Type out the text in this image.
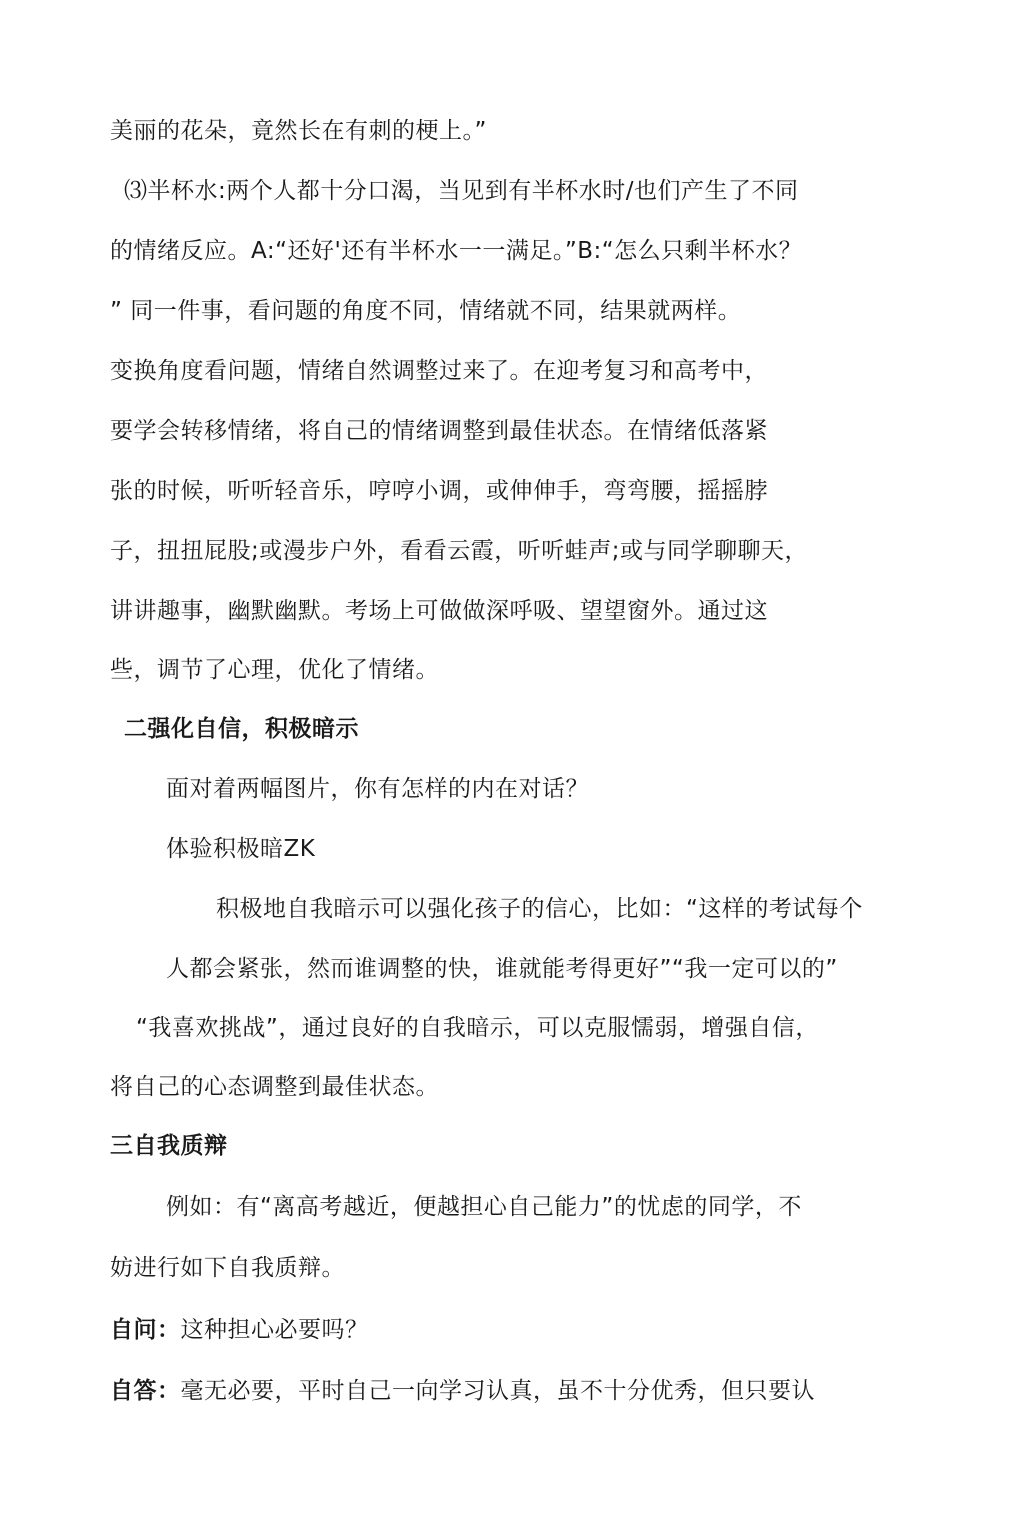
美丽的花朵，竟然长在有刺的梗上。”
⑶半杯水:两个人都十分口渴，当见到有半杯水时/也们产生了不同
的情绪反应。A:“还好'还有半杯水一一满足。”B:“怎么只剩半杯水？
” 同一件事，看问题的角度不同，情绪就不同，结果就两样。
变换角度看问题，情绪自然调整过来了。在迎考复习和高考中，
要学会转移情绪，将自己的情绪调整到最佳状态。在情绪低落紧
张的时候，听听轻音乐，哼哼小调，或伸伸手，弯弯腰，摇摇脖
子，扭扭屁股;或漫步户外，看看云霞，听听蛙声;或与同学聊聊天，
讲讲趣事，幽默幽默。考场上可做做深呼吸、望望窗外。通过这
些，调节了心理，优化了情绪。
二强化自信，积极暗示
面对着两幅图片，你有怎样的内在对话？
体验积极暗ZK
积极地自我暗示可以强化孩子的信心，比如：“这样的考试每个
人都会紧张，然而谁调整的快，谁就能考得更好”“我一定可以的”
“我喜欢挑战”，通过良好的自我暗示，可以克服懦弱，增强自信，
将自己的心态调整到最佳状态。
三自我质辩
例如：有“离高考越近，便越担心自己能力”的忧虑的同学，不
妨进行如下自我质辩。
自问：这种担心必要吗？
自答：毫无必要，平时自己一向学习认真，虽不十分优秀，但只要认
